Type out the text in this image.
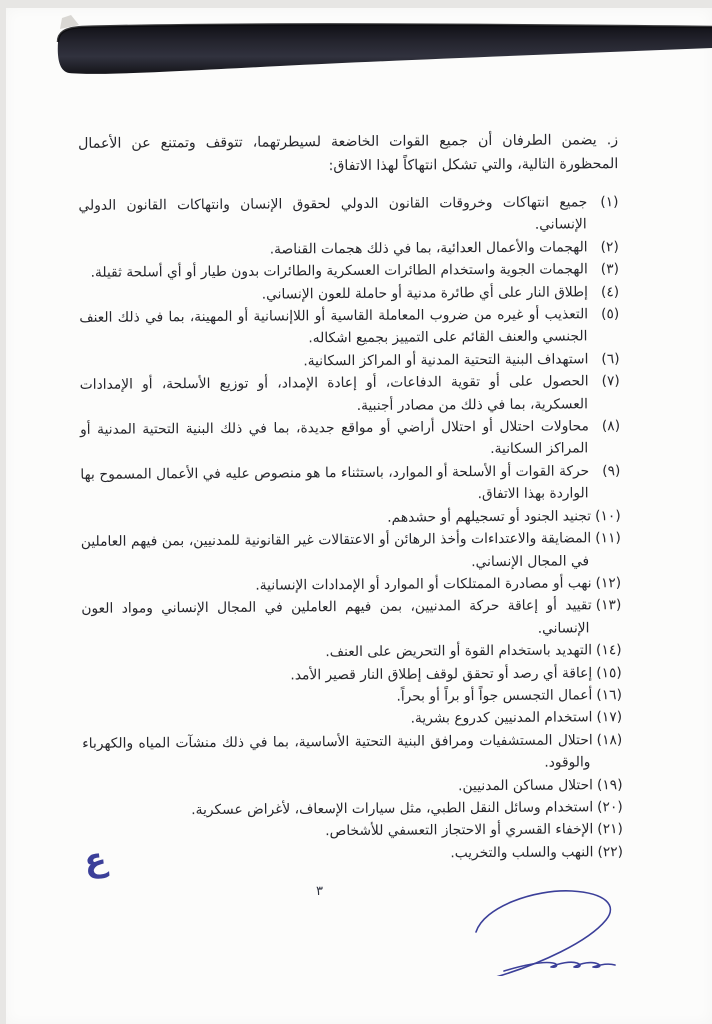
ز. يضمن الطرفان أن جميع القوات الخاضعة لسيطرتهما، تتوقف وتمتنع عن الأعمال المحظورة التالية، والتي تشكل انتهاكاً لهذا الاتفاق:

(١)جميع انتهاكات وخروقات القانون الدولي لحقوق الإنسان وانتهاكات القانون الدولي الإنساني.
(٢)الهجمات والأعمال العدائية، بما في ذلك هجمات القناصة.
(٣)الهجمات الجوية واستخدام الطائرات العسكرية والطائرات بدون طيار أو أي أسلحة ثقيلة.
(٤)إطلاق النار على أي طائرة مدنية أو حاملة للعون الإنساني.
(٥)التعذيب أو غيره من ضروب المعاملة القاسية أو اللاإنسانية أو المهينة، بما في ذلك العنف الجنسي والعنف القائم على التمييز بجميع اشكاله.
(٦)استهداف البنية التحتية المدنية أو المراكز السكانية.
(٧)الحصول على أو تقوية الدفاعات، أو إعادة الإمداد، أو توزيع الأسلحة، أو الإمدادات العسكرية، بما في ذلك من مصادر أجنبية.
(٨)محاولات احتلال أو احتلال أراضي أو مواقع جديدة، بما في ذلك البنية التحتية المدنية أو المراكز السكانية.
(٩)حركة القوات أو الأسلحة أو الموارد، باستثناء ما هو منصوص عليه في الأعمال المسموح بها الواردة بهذا الاتفاق.
(١٠)تجنيد الجنود أو تسجيلهم أو حشدهم.
(١١)المضايقة والاعتداءات وأخذ الرهائن أو الاعتقالات غير القانونية للمدنيين، بمن فيهم العاملين في المجال الإنساني.
(١٢)نهب أو مصادرة الممتلكات أو الموارد أو الإمدادات الإنسانية.
(١٣)تقييد أو إعاقة حركة المدنيين، بمن فيهم العاملين في المجال الإنساني ومواد العون الإنساني.
(١٤)التهديد باستخدام القوة أو التحريض على العنف.
(١٥)إعاقة أي رصد أو تحقق لوقف إطلاق النار قصير الأمد.
(١٦)أعمال التجسس جواً أو براً أو بحراً.
(١٧)استخدام المدنيين كدروع بشرية.
(١٨)احتلال المستشفيات ومرافق البنية التحتية الأساسية، بما في ذلك منشآت المياه والكهرباء والوقود.
(١٩)احتلال مساكن المدنيين.
(٢٠)استخدام وسائل النقل الطبي، مثل سيارات الإسعاف، لأغراض عسكرية.
(٢١)الإخفاء القسري أو الاحتجاز التعسفي للأشخاص.
(٢٢)النهب والسلب والتخريب.
٣
ع
